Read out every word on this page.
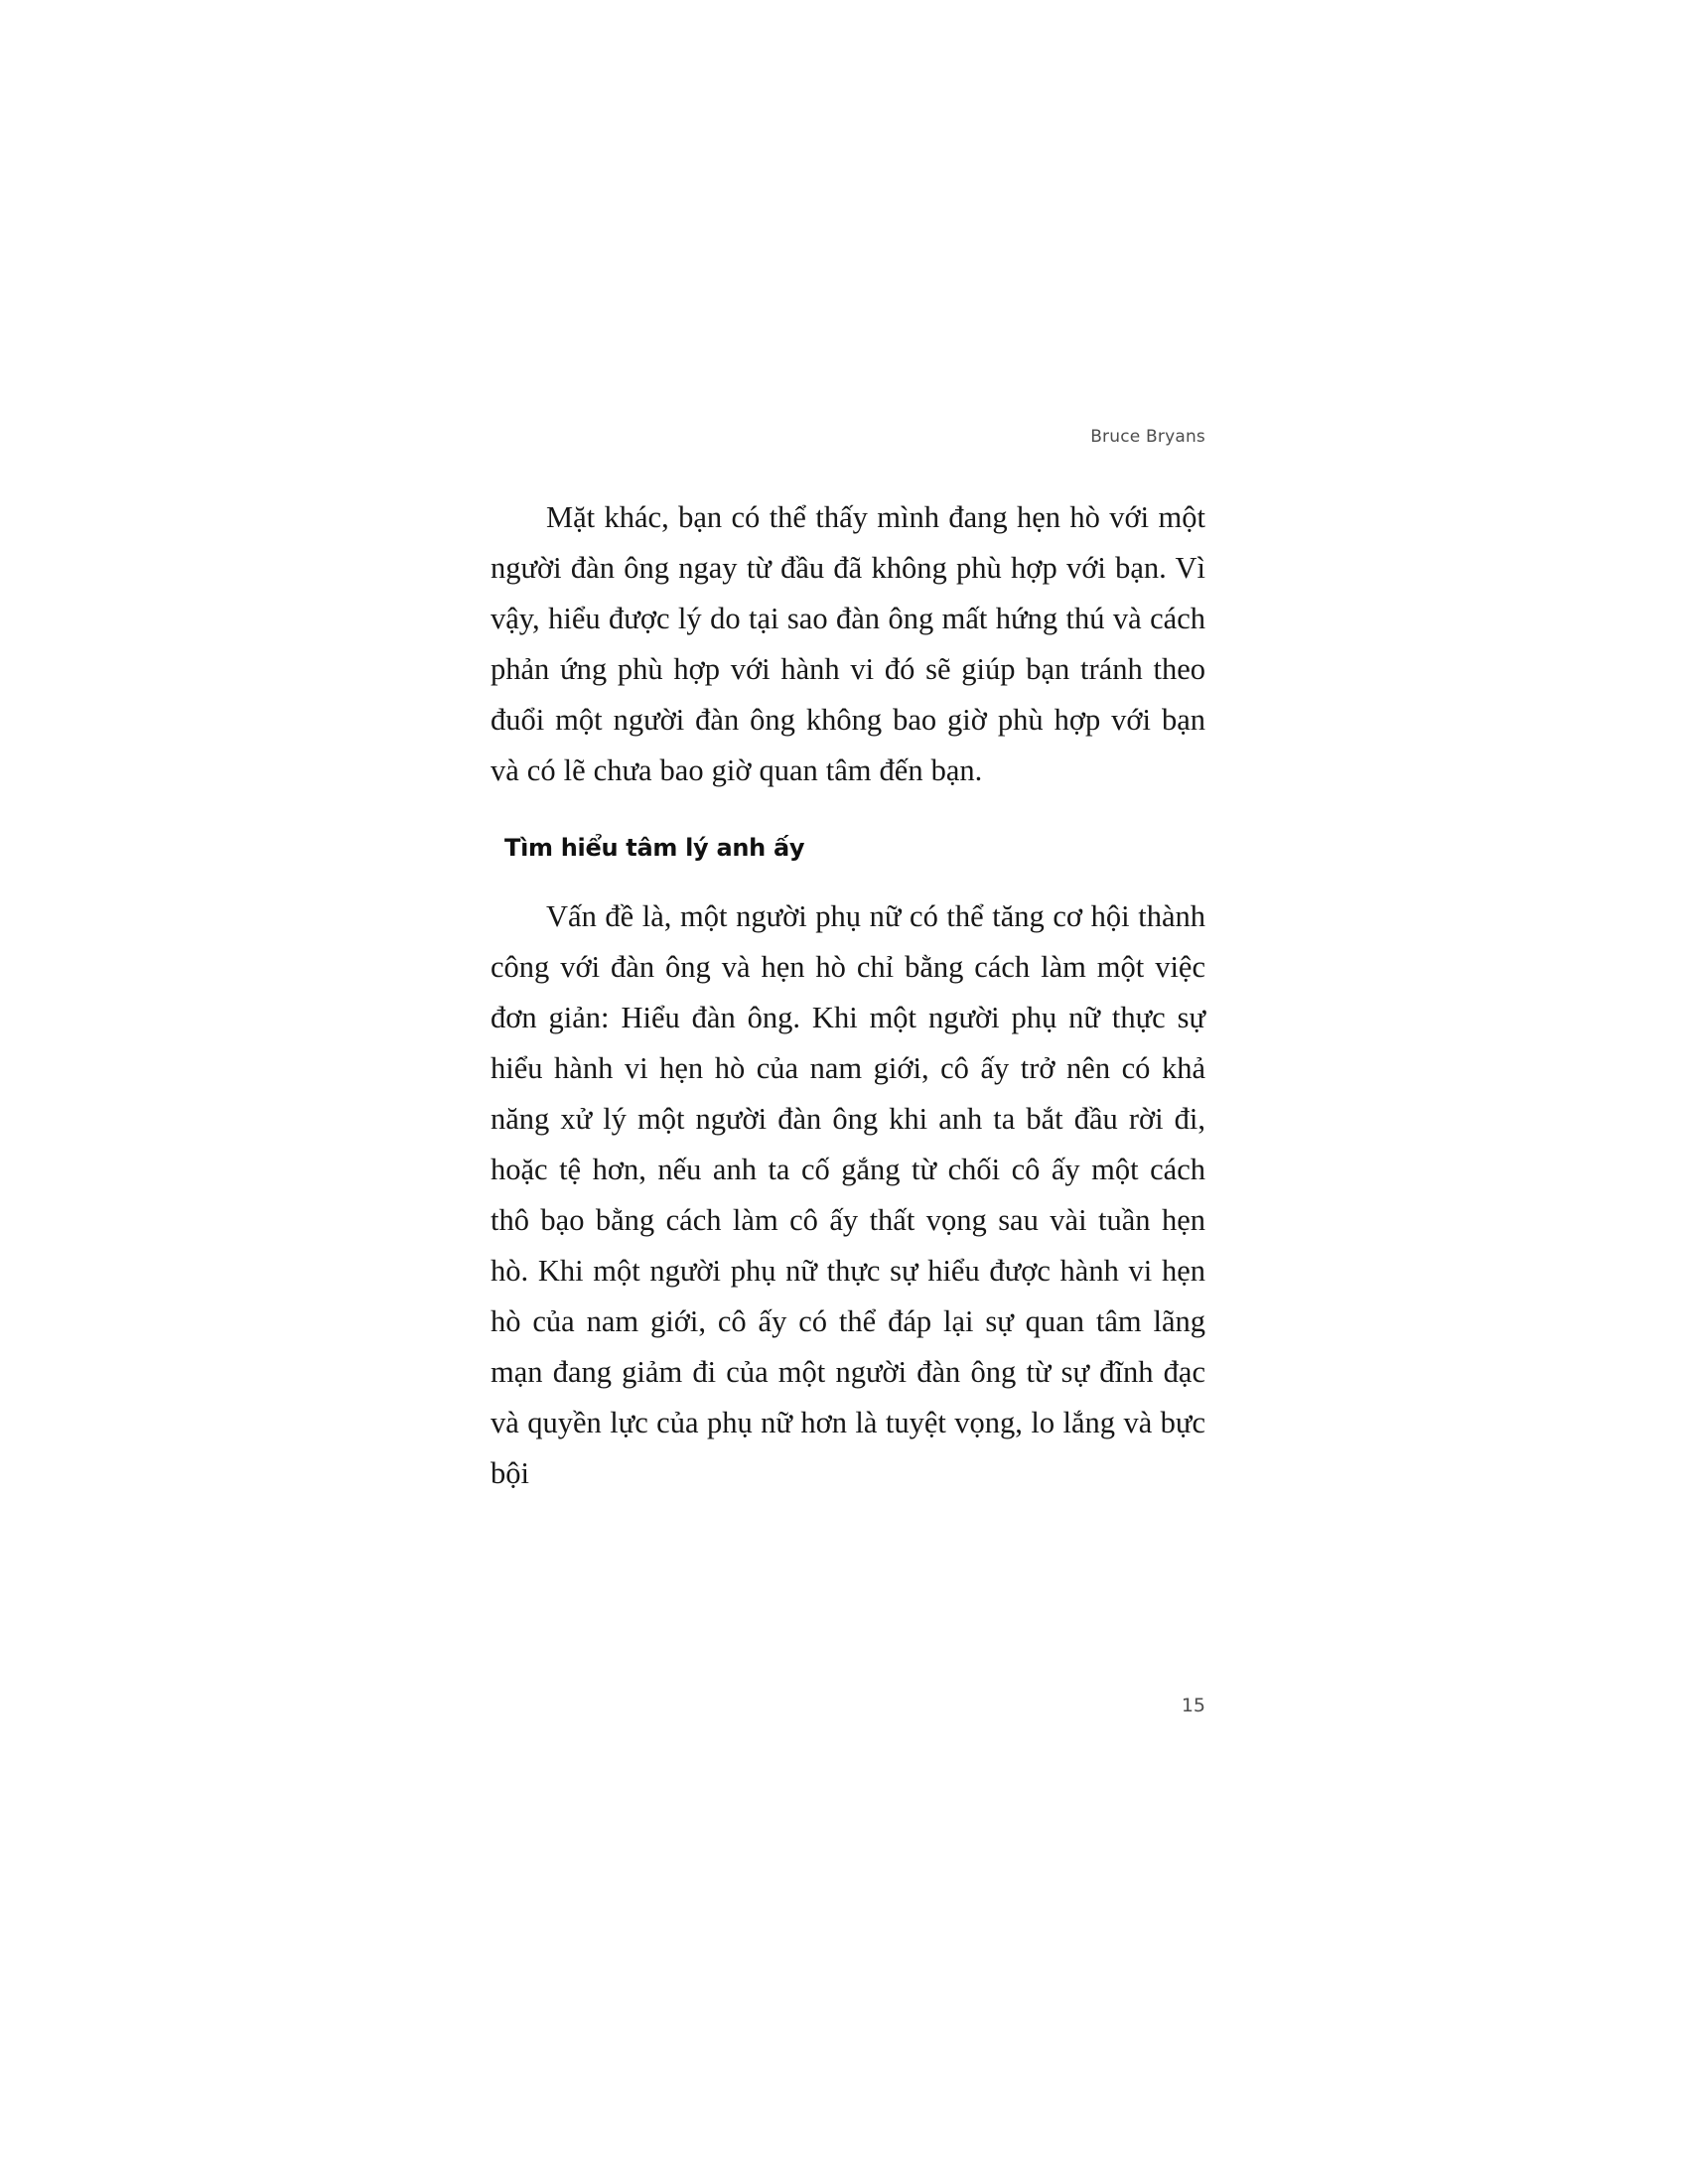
Bruce Bryans

Mặt khác, bạn có thể thấy mình đang hẹn hò với một người đàn ông ngay từ đầu đã không phù hợp với bạn. Vì vậy, hiểu được lý do tại sao đàn ông mất hứng thú và cách phản ứng phù hợp với hành vi đó sẽ giúp bạn tránh theo đuổi một người đàn ông không bao giờ phù hợp với bạn và có lẽ chưa bao giờ quan tâm đến bạn.

Tìm hiểu tâm lý anh ấy

Vấn đề là, một người phụ nữ có thể tăng cơ hội thành công với đàn ông và hẹn hò chỉ bằng cách làm một việc đơn giản: Hiểu đàn ông. Khi một người phụ nữ thực sự hiểu hành vi hẹn hò của nam giới, cô ấy trở nên có khả năng xử lý một người đàn ông khi anh ta bắt đầu rời đi, hoặc tệ hơn, nếu anh ta cố gắng từ chối cô ấy một cách thô bạo bằng cách làm cô ấy thất vọng sau vài tuần hẹn hò. Khi một người phụ nữ thực sự hiểu được hành vi hẹn hò của nam giới, cô ấy có thể đáp lại sự quan tâm lãng mạn đang giảm đi của một người đàn ông từ sự đĩnh đạc và quyền lực của phụ nữ hơn là tuyệt vọng, lo lắng và bực bội

15
